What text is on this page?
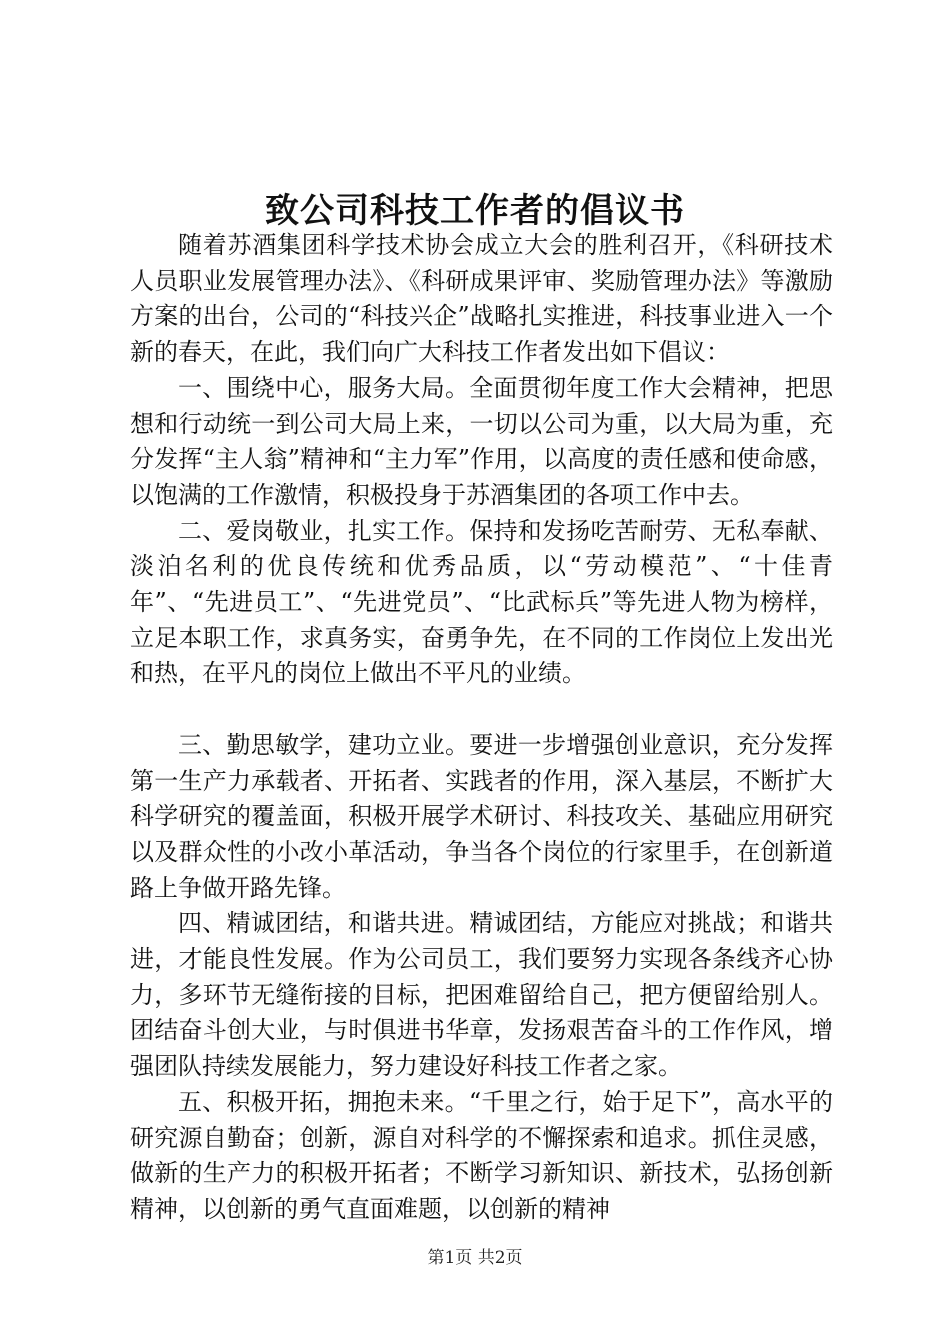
致公司科技工作者的倡议书

随着苏酒集团科学技术协会成立大会的胜利召开，《科研技术人员职业发展管理办法》、《科研成果评审、奖励管理办法》等激励方案的出台，公司的“科技兴企”战略扎实推进，科技事业进入一个新的春天，在此，我们向广大科技工作者发出如下倡议：

一、围绕中心，服务大局。全面贯彻年度工作大会精神，把思想和行动统一到公司大局上来，一切以公司为重，以大局为重，充分发挥“主人翁”精神和“主力军”作用，以高度的责任感和使命感，以饱满的工作激情，积极投身于苏酒集团的各项工作中去。

二、爱岗敬业，扎实工作。保持和发扬吃苦耐劳、无私奉献、淡泊名利的优良传统和优秀品质，以“劳动模范”、“十佳青年”、“先进员工”、“先进党员”、“比武标兵”等先进人物为榜样，立足本职工作，求真务实，奋勇争先，在不同的工作岗位上发出光和热，在平凡的岗位上做出不平凡的业绩。

三、勤思敏学，建功立业。要进一步增强创业意识，充分发挥第一生产力承载者、开拓者、实践者的作用，深入基层，不断扩大科学研究的覆盖面，积极开展学术研讨、科技攻关、基础应用研究以及群众性的小改小革活动，争当各个岗位的行家里手，在创新道路上争做开路先锋。

四、精诚团结，和谐共进。精诚团结，方能应对挑战；和谐共进，才能良性发展。作为公司员工，我们要努力实现各条线齐心协力，多环节无缝衔接的目标，把困难留给自己，把方便留给别人。团结奋斗创大业，与时俱进书华章，发扬艰苦奋斗的工作作风，增强团队持续发展能力，努力建设好科技工作者之家。

五、积极开拓，拥抱未来。“千里之行，始于足下”，高水平的研究源自勤奋；创新，源自对科学的不懈探索和追求。抓住灵感，做新的生产力的积极开拓者；不断学习新知识、新技术，弘扬创新精神，以创新的勇气直面难题，以创新的精神

第1页 共2页
